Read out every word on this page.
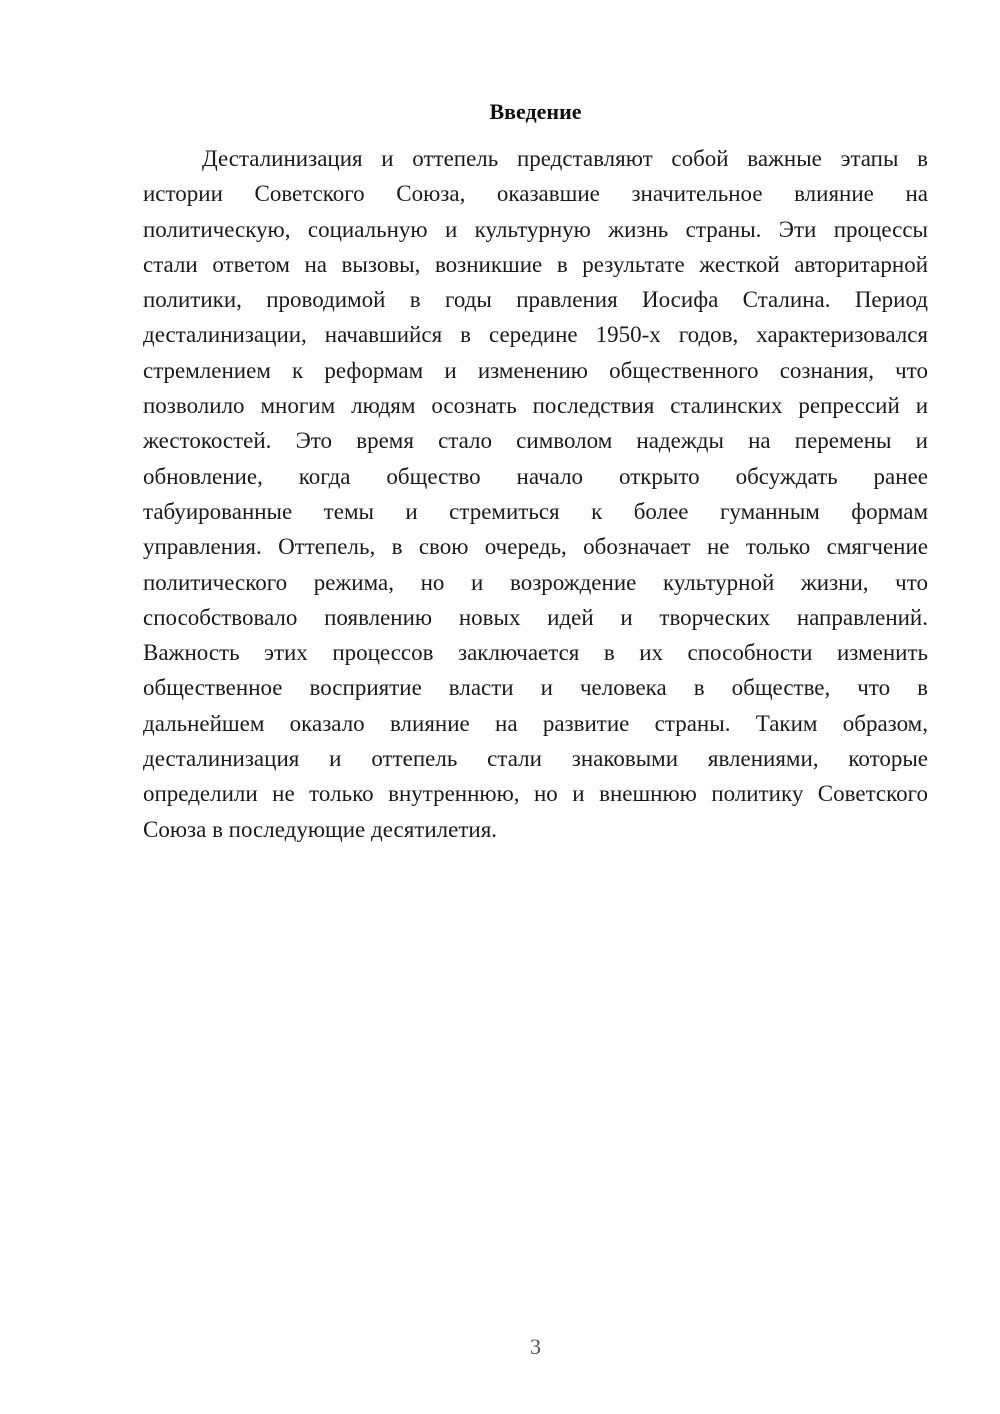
Введение
Десталинизация и оттепель представляют собой важные этапы в
истории Советского Союза, оказавшие значительное влияние на
политическую, социальную и культурную жизнь страны. Эти процессы
стали ответом на вызовы, возникшие в результате жесткой авторитарной
политики, проводимой в годы правления Иосифа Сталина. Период
десталинизации, начавшийся в середине 1950-х годов, характеризовался
стремлением к реформам и изменению общественного сознания, что
позволило многим людям осознать последствия сталинских репрессий и
жестокостей. Это время стало символом надежды на перемены и
обновление, когда общество начало открыто обсуждать ранее
табуированные темы и стремиться к более гуманным формам
управления. Оттепель, в свою очередь, обозначает не только смягчение
политического режима, но и возрождение культурной жизни, что
способствовало появлению новых идей и творческих направлений.
Важность этих процессов заключается в их способности изменить
общественное восприятие власти и человека в обществе, что в
дальнейшем оказало влияние на развитие страны. Таким образом,
десталинизация и оттепель стали знаковыми явлениями, которые
определили не только внутреннюю, но и внешнюю политику Советского
Союза в последующие десятилетия.
3
